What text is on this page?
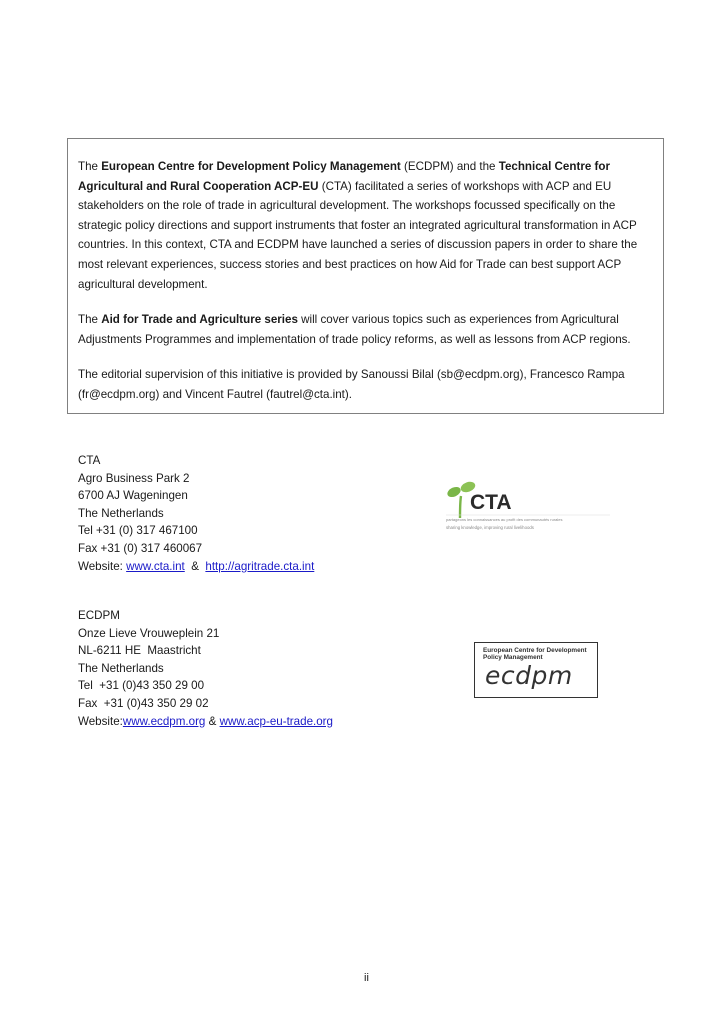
The European Centre for Development Policy Management (ECDPM) and the Technical Centre for Agricultural and Rural Cooperation ACP-EU (CTA) facilitated a series of workshops with ACP and EU stakeholders on the role of trade in agricultural development. The workshops focussed specifically on the strategic policy directions and support instruments that foster an integrated agricultural transformation in ACP countries. In this context, CTA and ECDPM have launched a series of discussion papers in order to share the most relevant experiences, success stories and best practices on how Aid for Trade can best support ACP agricultural development.

The Aid for Trade and Agriculture series will cover various topics such as experiences from Agricultural Adjustments Programmes and implementation of trade policy reforms, as well as lessons from ACP regions.

The editorial supervision of this initiative is provided by Sanoussi Bilal (sb@ecdpm.org), Francesco Rampa (fr@ecdpm.org) and Vincent Fautrel (fautrel@cta.int).

CTA
Agro Business Park 2
6700 AJ Wageningen
The Netherlands
Tel +31 (0) 317 467100
Fax +31 (0) 317 460067
Website: www.cta.int  &  http://agritrade.cta.int
CTA
partageons les connaissances au profit des communautés rurales
sharing knowledge, improving rural livelihoods
ECDPM
Onze Lieve Vrouweplein 21
NL-6211 HE  Maastricht
The Netherlands
Tel  +31 (0)43 350 29 00
Fax  +31 (0)43 350 29 02
Website:www.ecdpm.org & www.acp-eu-trade.org
European Centre for Development
Policy Management
ecdpm
ii
